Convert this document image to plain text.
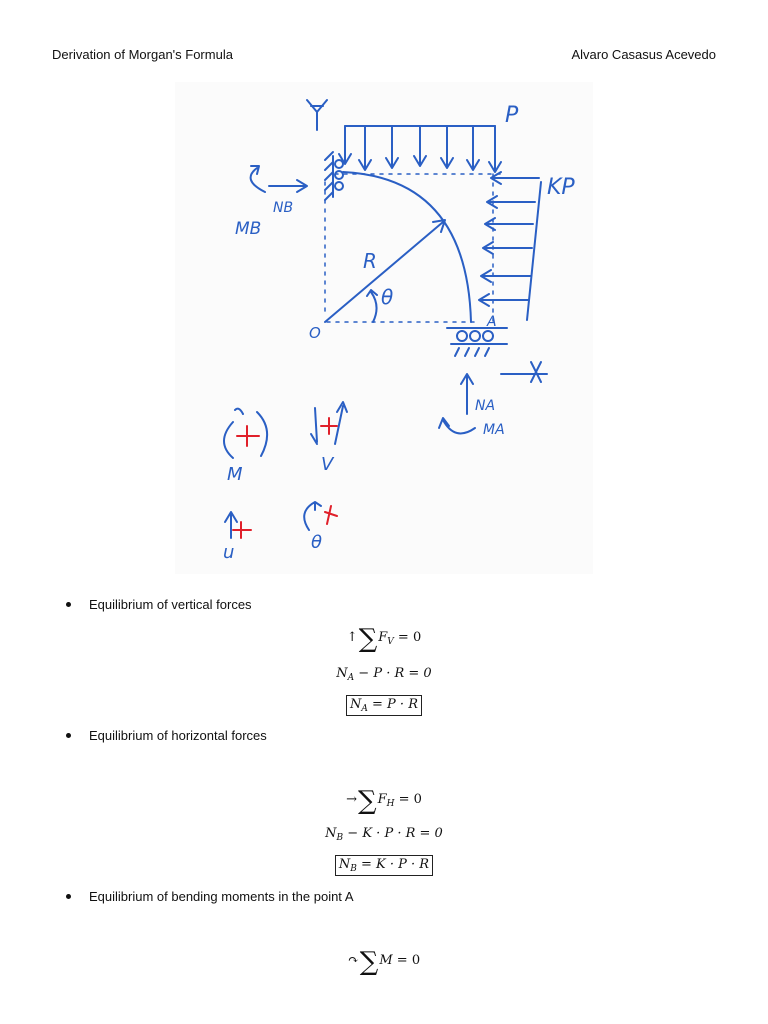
Derivation of Morgan's Formula	Alvaro Casasus Acevedo
P
R
θ
O
KP
NB
MB
A
NA
MA
M	V
u	θ
Equilibrium of vertical forces
$↑\sum F_V = 0$
$N_A - P \cdot R = 0$
$N_A = P \cdot R$
Equilibrium of horizontal forces
$\to\sum F_H = 0$
$N_B - K \cdot P \cdot R = 0$
$N_B = K \cdot P \cdot R$
Equilibrium of bending moments in the point A
↷∑M = 0
